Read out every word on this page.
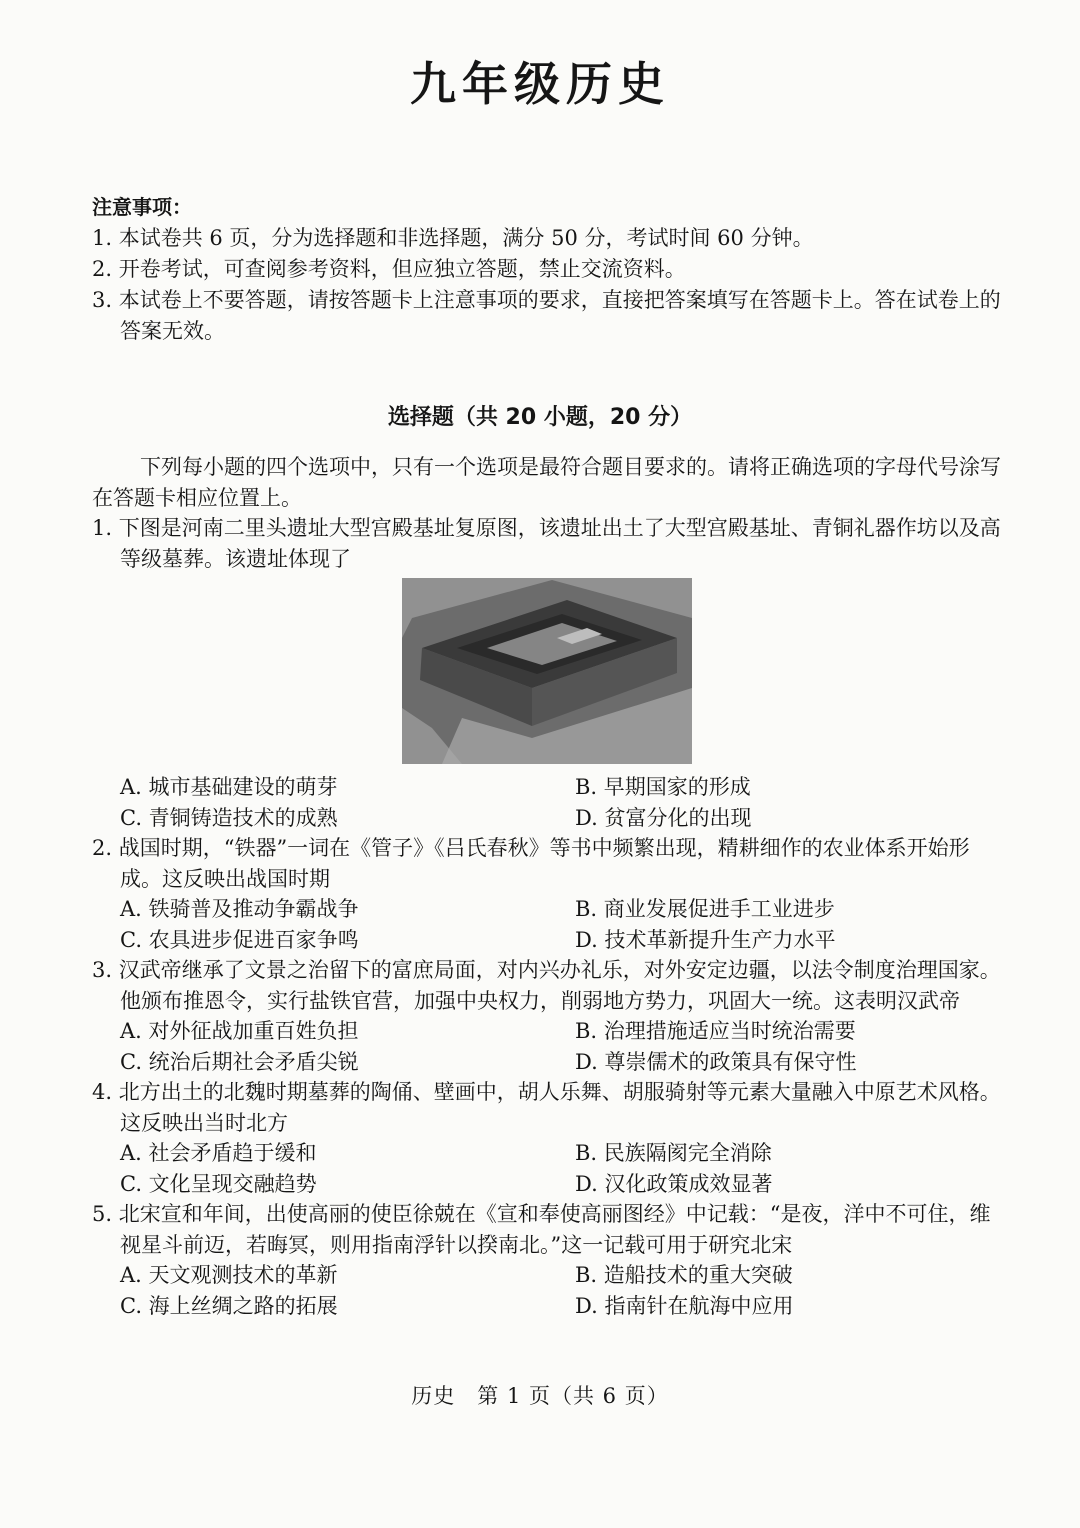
九年级历史
注意事项：
1. 本试卷共 6 页，分为选择题和非选择题，满分 50 分，考试时间 60 分钟。
2. 开卷考试，可查阅参考资料，但应独立答题，禁止交流资料。
3. 本试卷上不要答题，请按答题卡上注意事项的要求，直接把答案填写在答题卡上。答在试卷上的答案无效。
选择题（共 20 小题，20 分）
下列每小题的四个选项中，只有一个选项是最符合题目要求的。请将正确选项的字母代号涂写在答题卡相应位置上。
1. 下图是河南二里头遗址大型宫殿基址复原图，该遗址出土了大型宫殿基址、青铜礼器作坊以及高等级墓葬。该遗址体现了
A. 城市基础建设的萌芽	B. 早期国家的形成
C. 青铜铸造技术的成熟	D. 贫富分化的出现
2. 战国时期，“铁器”一词在《管子》《吕氏春秋》等书中频繁出现，精耕细作的农业体系开始形成。这反映出战国时期
A. 铁骑普及推动争霸战争	B. 商业发展促进手工业进步
C. 农具进步促进百家争鸣	D. 技术革新提升生产力水平
3. 汉武帝继承了文景之治留下的富庶局面，对内兴办礼乐，对外安定边疆，以法令制度治理国家。他颁布推恩令，实行盐铁官营，加强中央权力，削弱地方势力，巩固大一统。这表明汉武帝
A. 对外征战加重百姓负担	B. 治理措施适应当时统治需要
C. 统治后期社会矛盾尖锐	D. 尊崇儒术的政策具有保守性
4. 北方出土的北魏时期墓葬的陶俑、壁画中，胡人乐舞、胡服骑射等元素大量融入中原艺术风格。这反映出当时北方
A. 社会矛盾趋于缓和	B. 民族隔阂完全消除
C. 文化呈现交融趋势	D. 汉化政策成效显著
5. 北宋宣和年间，出使高丽的使臣徐兢在《宣和奉使高丽图经》中记载：“是夜，洋中不可住，维视星斗前迈，若晦冥，则用指南浮针以揆南北。”这一记载可用于研究北宋
A. 天文观测技术的革新	B. 造船技术的重大突破
C. 海上丝绸之路的拓展	D. 指南针在航海中应用
历史　第 1 页（共 6 页）
